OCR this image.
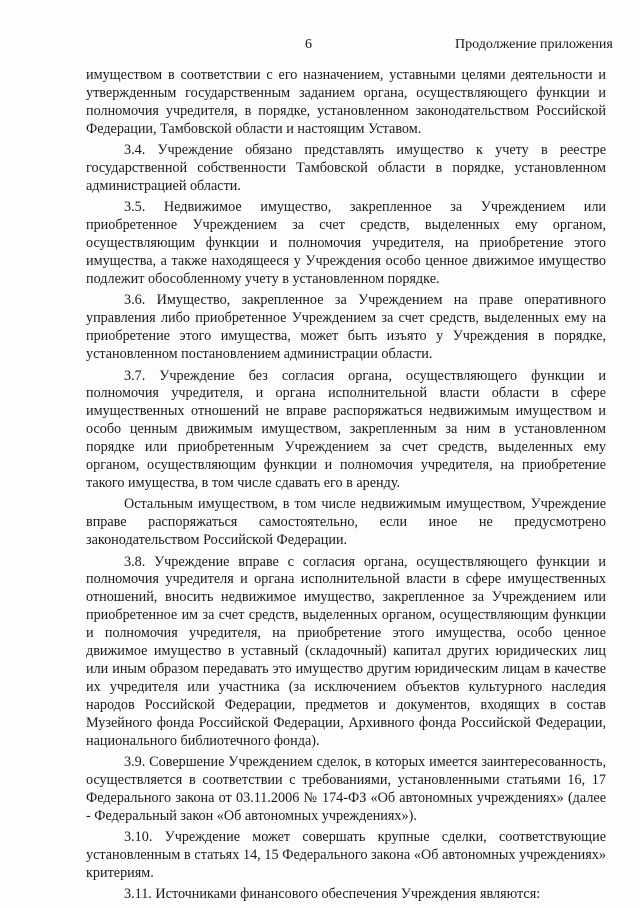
6	Продолжение приложения

имуществом в соответствии с его назначением, уставными целями деятельности и утвержденным государственным заданием органа, осуществляющего функции и полномочия учредителя, в порядке, установленном законодательством Российской Федерации, Тамбовской области и настоящим Уставом.

3.4. Учреждение обязано представлять имущество к учету в реестре государственной собственности Тамбовской области в порядке, установленном администрацией области.

3.5. Недвижимое имущество, закрепленное за Учреждением или приобретенное Учреждением за счет средств, выделенных ему органом, осуществляющим функции и полномочия учредителя, на приобретение этого имущества, а также находящееся у Учреждения особо ценное движимое имущество подлежит обособленному учету в установленном порядке.

3.6. Имущество, закрепленное за Учреждением на праве оперативного управления либо приобретенное Учреждением за счет средств, выделенных ему на приобретение этого имущества, может быть изъято у Учреждения в порядке, установленном постановлением администрации области.

3.7. Учреждение без согласия органа, осуществляющего функции и полномочия учредителя, и органа исполнительной власти области в сфере имущественных отношений не вправе распоряжаться недвижимым имуществом и особо ценным движимым имуществом, закрепленным за ним в установленном порядке или приобретенным Учреждением за счет средств, выделенных ему органом, осуществляющим функции и полномочия учредителя, на приобретение такого имущества, в том числе сдавать его в аренду.

Остальным имуществом, в том числе недвижимым имуществом, Учреждение вправе распоряжаться самостоятельно, если иное не предусмотрено законодательством Российской Федерации.

3.8. Учреждение вправе с согласия органа, осуществляющего функции и полномочия учредителя и органа исполнительной власти в сфере имущественных отношений, вносить недвижимое имущество, закрепленное за Учреждением или приобретенное им за счет средств, выделенных органом, осуществляющим функции и полномочия учредителя, на приобретение этого имущества, особо ценное движимое имущество в уставный (складочный) капитал других юридических лиц или иным образом передавать это имущество другим юридическим лицам в качестве их учредителя или участника (за исключением объектов культурного наследия народов Российской Федерации, предметов и документов, входящих в состав Музейного фонда Российской Федерации, Архивного фонда Российской Федерации, национального библиотечного фонда).

3.9. Совершение Учреждением сделок, в которых имеется заинтересованность, осуществляется в соответствии с требованиями, установленными статьями 16, 17 Федерального закона от 03.11.2006 № 174-ФЗ «Об автономных учреждениях» (далее - Федеральный закон «Об автономных учреждениях»).

3.10. Учреждение может совершать крупные сделки, соответствующие установленным в статьях 14, 15 Федерального закона «Об автономных учреждениях» критериям.

3.11. Источниками финансового обеспечения Учреждения являются:
